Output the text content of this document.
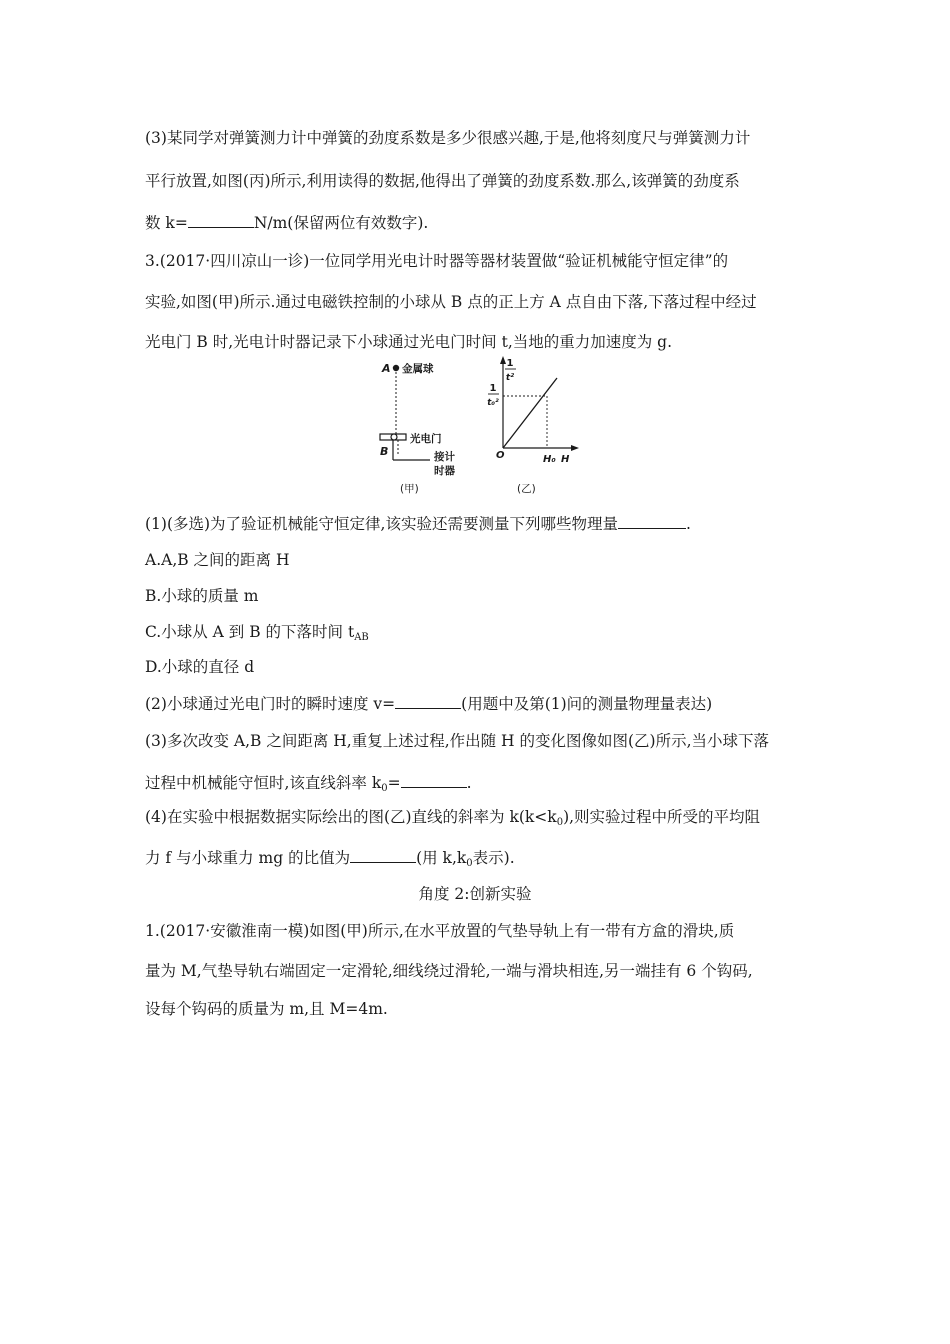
(3)某同学对弹簧测力计中弹簧的劲度系数是多少很感兴趣,于是,他将刻度尺与弹簧测力计
平行放置,如图(丙)所示,利用读得的数据,他得出了弹簧的劲度系数.那么,该弹簧的劲度系
数 k=	N/m(保留两位有效数字).
3.(2017·四川凉山一诊)一位同学用光电计时器等器材装置做“验证机械能守恒定律”的
实验,如图(甲)所示.通过电磁铁控制的小球从 B 点的正上方 A 点自由下落,下落过程中经过
光电门 B 时,光电计时器记录下小球通过光电门时间 t,当地的重力加速度为 g.
A 金属球
光电门
B	接计
时器
(甲)
1
t²
1
t₀²
O	H₀ H
(乙)
(1)(多选)为了验证机械能守恒定律,该实验还需要测量下列哪些物理量	.
A.A,B 之间的距离 H
B.小球的质量 m
C.小球从 A 到 B 的下落时间 $t_{AB}$
D.小球的直径 d
(2)小球通过光电门时的瞬时速度 v=	(用题中及第(1)问的测量物理量表达)
(3)多次改变 A,B 之间距离 H,重复上述过程,作出随 H 的变化图像如图(乙)所示,当小球下落
过程中机械能守恒时,该直线斜率 $k_0=$	.
(4)在实验中根据数据实际绘出的图(乙)直线的斜率为 $k(k<k_0)$,则实验过程中所受的平均阻
力 f 与小球重力 mg 的比值为	(用 $k,k_0$表示).
角度 2:创新实验
1.(2017·安徽淮南一模)如图(甲)所示,在水平放置的气垫导轨上有一带有方盒的滑块,质
量为 M,气垫导轨右端固定一定滑轮,细线绕过滑轮,一端与滑块相连,另一端挂有 6 个钩码,
设每个钩码的质量为 m,且 M=4m.
